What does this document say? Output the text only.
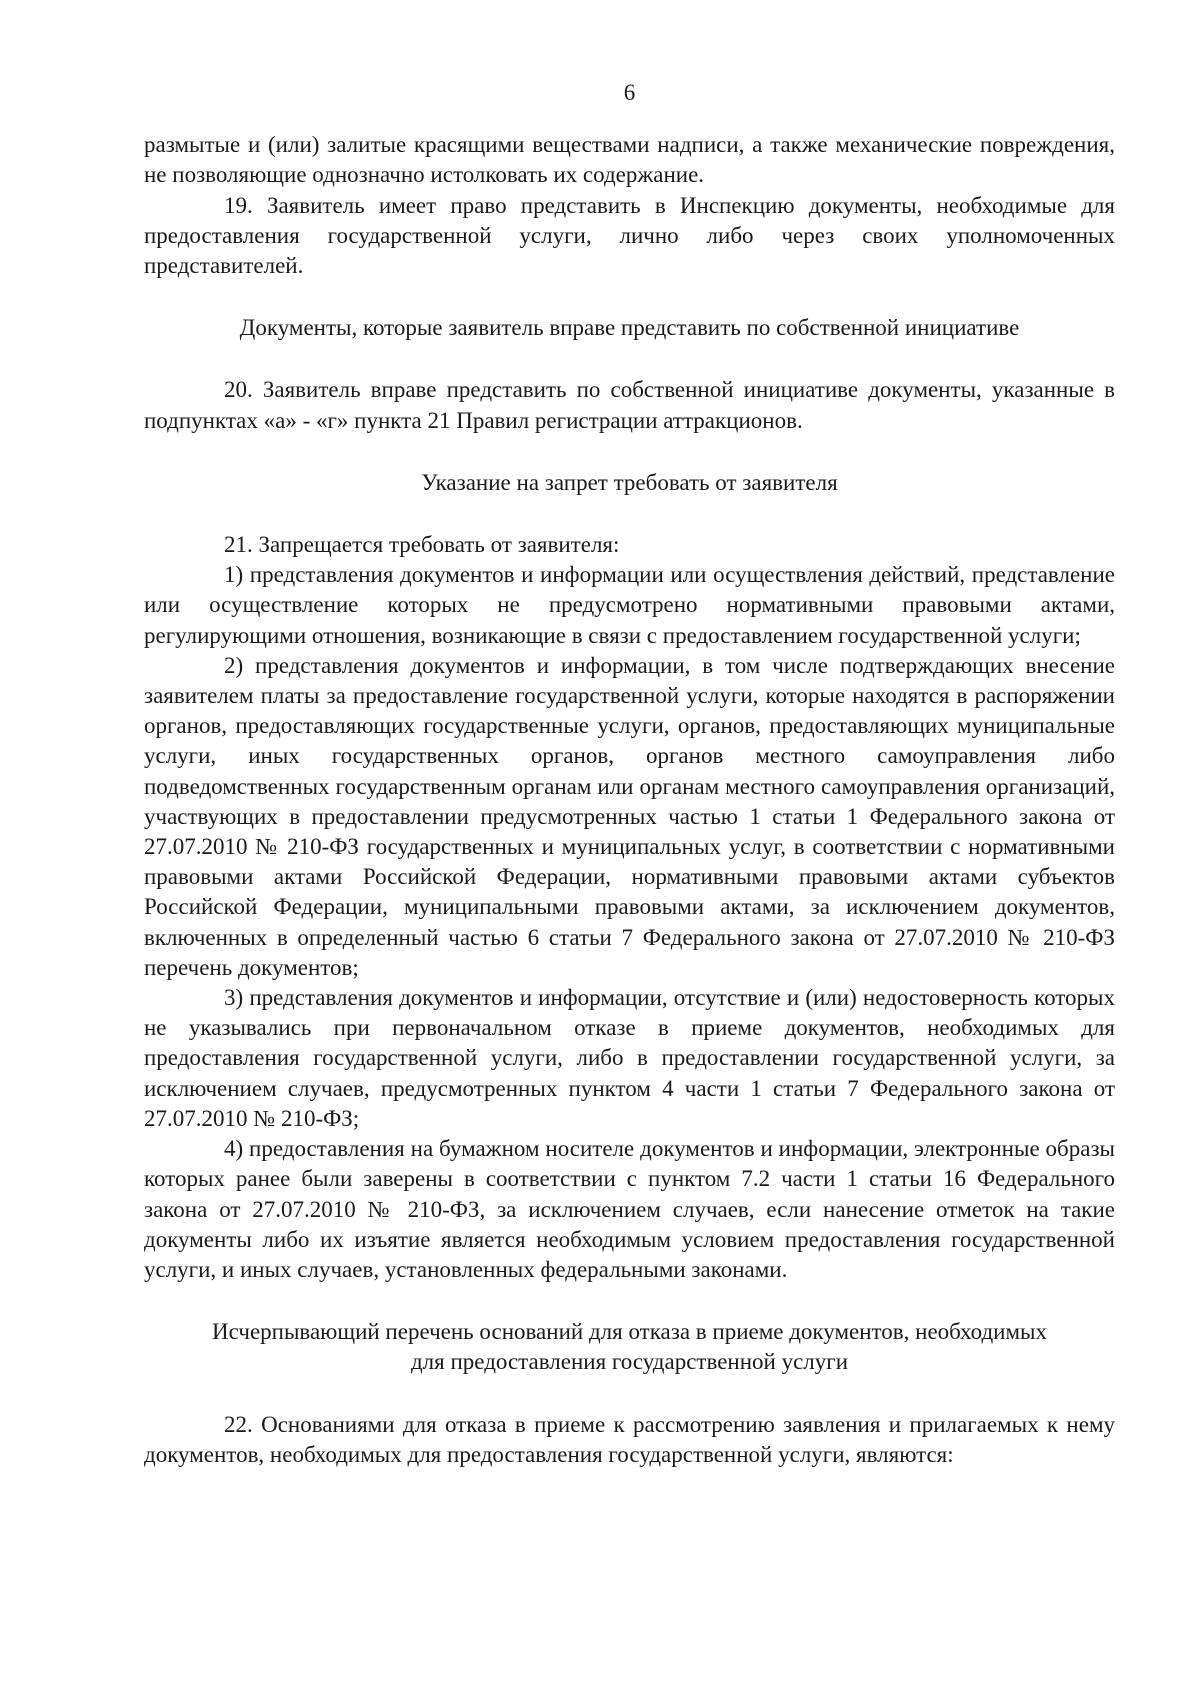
6

размытые и (или) залитые красящими веществами надписи, а также механические повреждения, не позволяющие однозначно истолковать их содержание.

19. Заявитель имеет право представить в Инспекцию документы, необходимые для предоставления государственной услуги, лично либо через своих уполномоченных представителей.

Документы, которые заявитель вправе представить по собственной инициативе

20. Заявитель вправе представить по собственной инициативе документы, указанные в подпунктах «а» - «г» пункта 21 Правил регистрации аттракционов.

Указание на запрет требовать от заявителя

21. Запрещается требовать от заявителя:

1) представления документов и информации или осуществления действий, представление или осуществление которых не предусмотрено нормативными правовыми актами, регулирующими отношения, возникающие в связи с предоставлением государственной услуги;

2) представления документов и информации, в том числе подтверждающих внесение заявителем платы за предоставление государственной услуги, которые находятся в распоряжении органов, предоставляющих государственные услуги, органов, предоставляющих муниципальные услуги, иных государственных органов, органов местного самоуправления либо подведомственных государственным органам или органам местного самоуправления организаций, участвующих в предоставлении предусмотренных частью 1 статьи 1 Федерального закона от 27.07.2010 № 210-ФЗ государственных и муниципальных услуг, в соответствии с нормативными правовыми актами Российской Федерации, нормативными правовыми актами субъектов Российской Федерации, муниципальными правовыми актами, за исключением документов, включенных в определенный частью 6 статьи 7 Федерального закона от 27.07.2010 № 210-ФЗ перечень документов;

3) представления документов и информации, отсутствие и (или) недостоверность которых не указывались при первоначальном отказе в приеме документов, необходимых для предоставления государственной услуги, либо в предоставлении государственной услуги, за исключением случаев, предусмотренных пунктом 4 части 1 статьи 7 Федерального закона от 27.07.2010 № 210-ФЗ;

4) предоставления на бумажном носителе документов и информации, электронные образы которых ранее были заверены в соответствии с пунктом 7.2 части 1 статьи 16 Федерального закона от 27.07.2010 № 210-ФЗ, за исключением случаев, если нанесение отметок на такие документы либо их изъятие является необходимым условием предоставления государственной услуги, и иных случаев, установленных федеральными законами.

Исчерпывающий перечень оснований для отказа в приеме документов, необходимых
для предоставления государственной услуги

22. Основаниями для отказа в приеме к рассмотрению заявления и прилагаемых к нему документов, необходимых для предоставления государственной услуги, являются:
